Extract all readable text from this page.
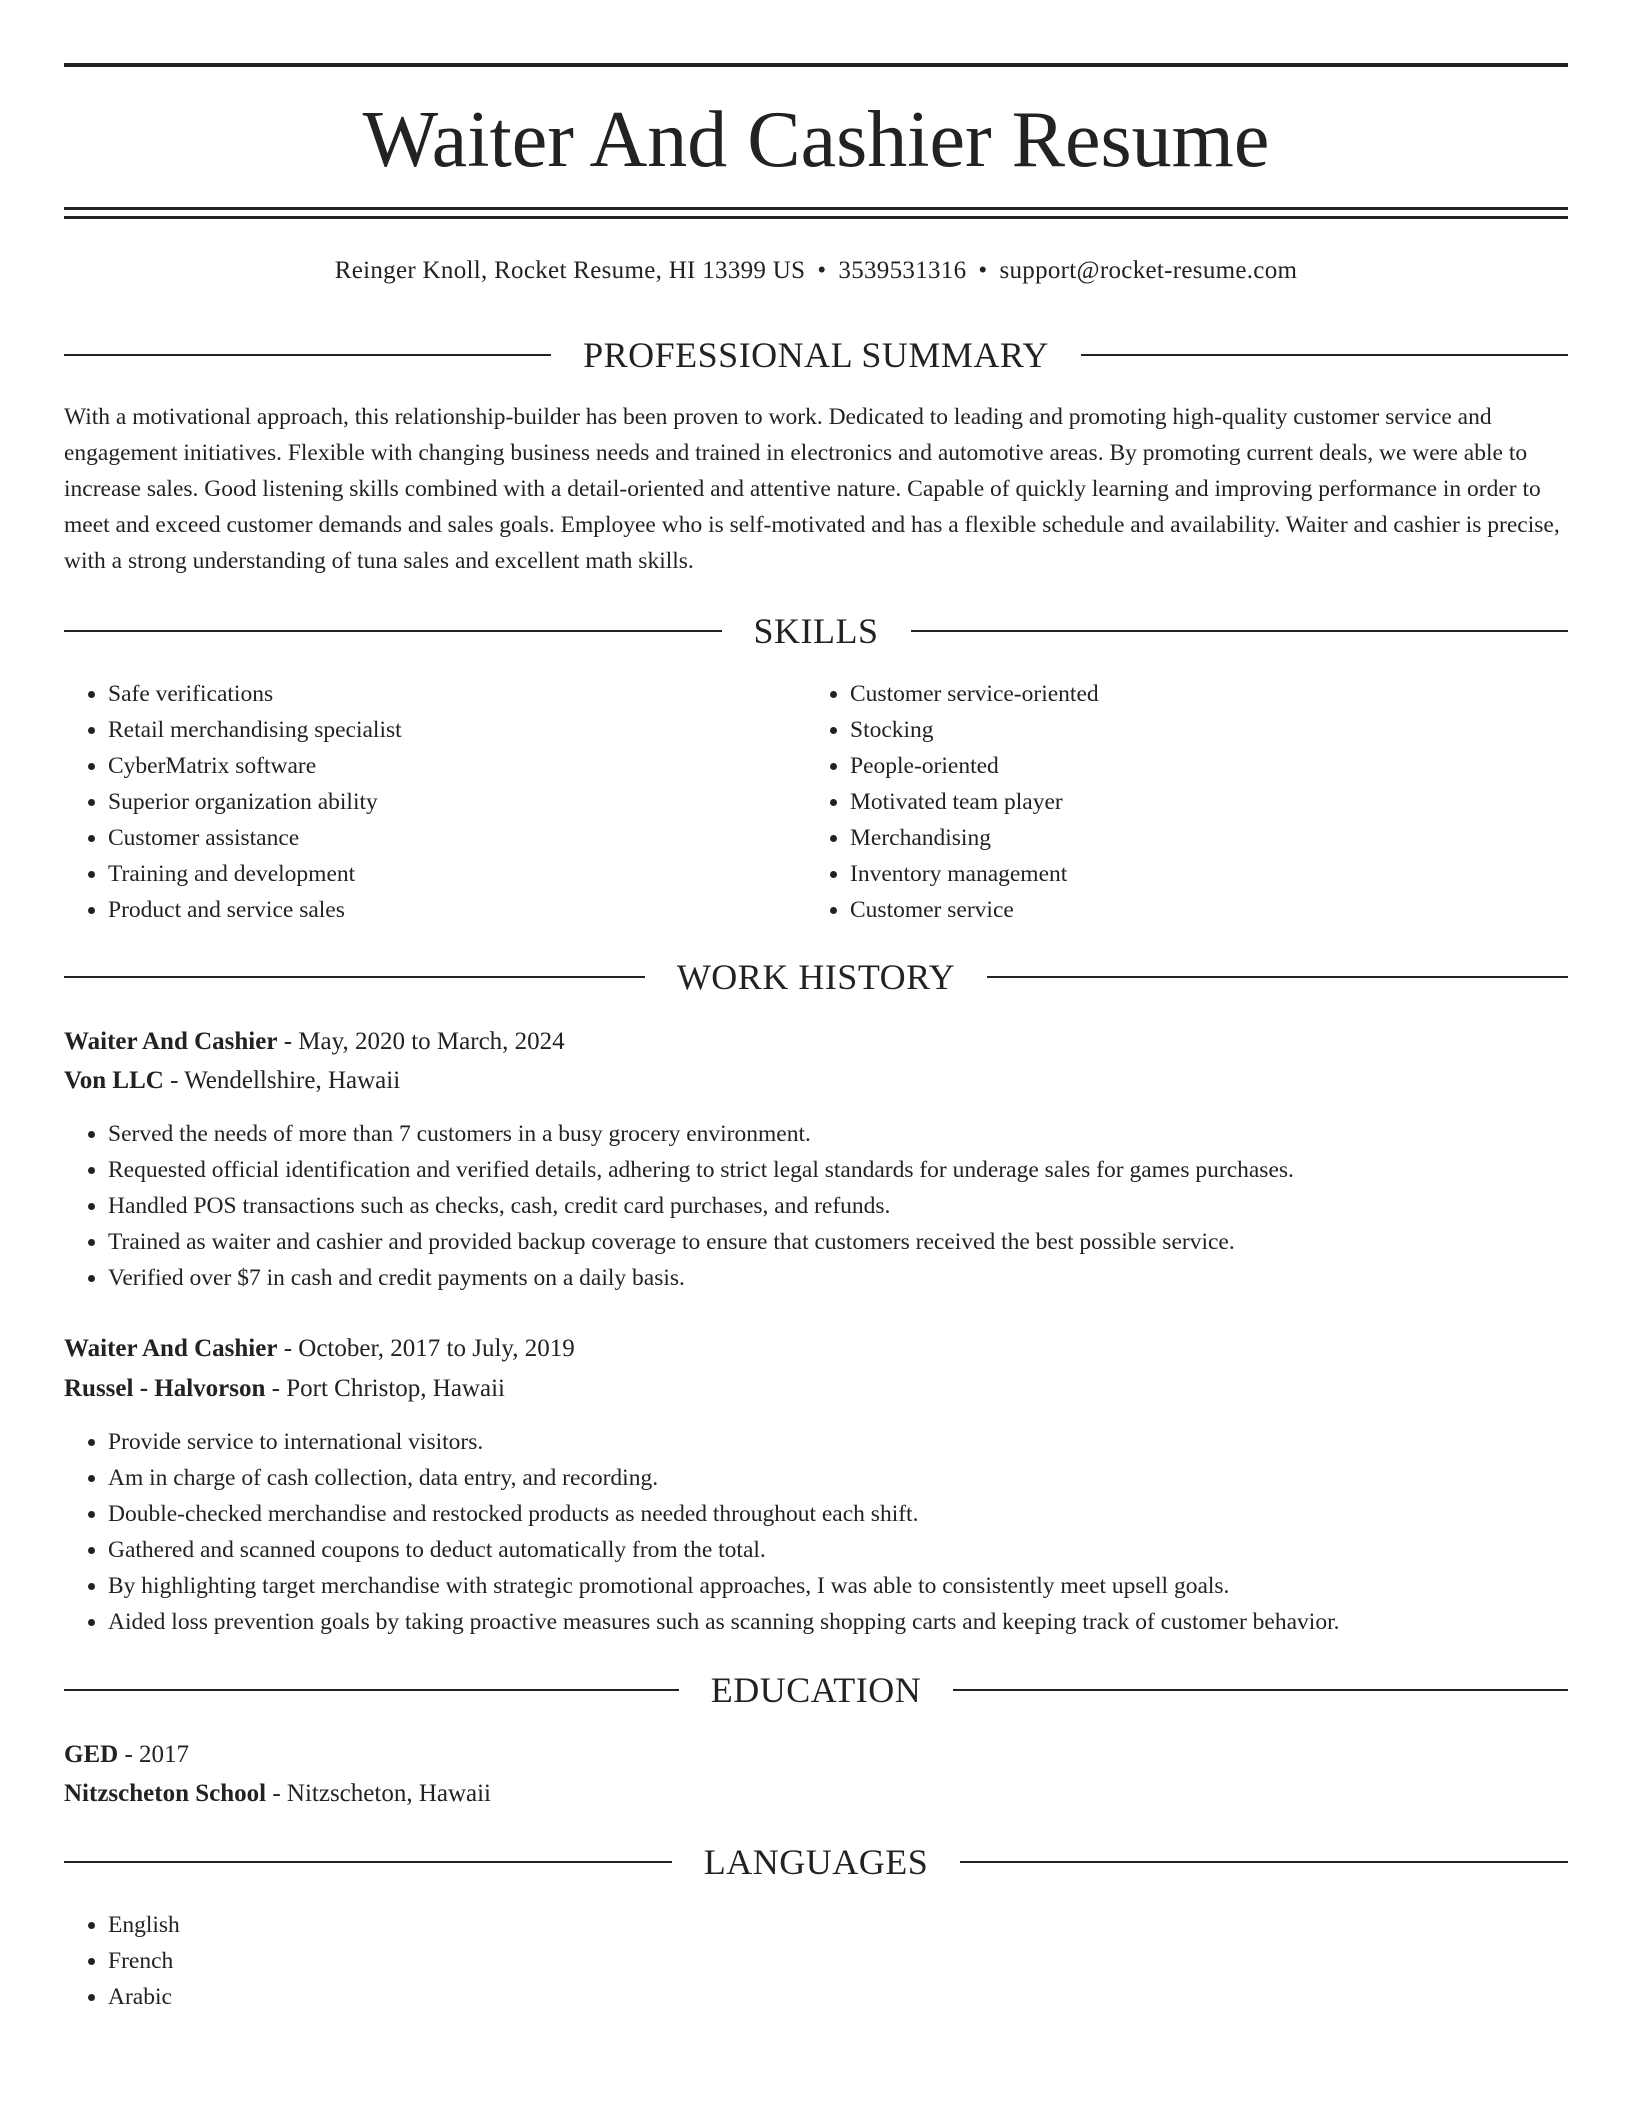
Waiter And Cashier Resume
Reinger Knoll, Rocket Resume, HI 13399 US • 3539531316 • support@rocket-resume.com
PROFESSIONAL SUMMARY

With a motivational approach, this relationship-builder has been proven to work. Dedicated to leading and promoting high-quality customer service and engagement initiatives. Flexible with changing business needs and trained in electronics and automotive areas. By promoting current deals, we were able to increase sales. Good listening skills combined with a detail-oriented and attentive nature. Capable of quickly learning and improving performance in order to meet and exceed customer demands and sales goals. Employee who is self-motivated and has a flexible schedule and availability. Waiter and cashier is precise, with a strong understanding of tuna sales and excellent math skills.

SKILLS
• Safe verifications
• Retail merchandising specialist
• CyberMatrix software
• Superior organization ability
• Customer assistance
• Training and development
• Product and service sales
• Customer service-oriented
• Stocking
• People-oriented
• Motivated team player
• Merchandising
• Inventory management
• Customer service
WORK HISTORY
Waiter And Cashier - May, 2020 to March, 2024
Von LLC - Wendellshire, Hawaii
• Served the needs of more than 7 customers in a busy grocery environment.
• Requested official identification and verified details, adhering to strict legal standards for underage sales for games purchases.
• Handled POS transactions such as checks, cash, credit card purchases, and refunds.
• Trained as waiter and cashier and provided backup coverage to ensure that customers received the best possible service.
• Verified over $7 in cash and credit payments on a daily basis.
Waiter And Cashier - October, 2017 to July, 2019
Russel - Halvorson - Port Christop, Hawaii
• Provide service to international visitors.
• Am in charge of cash collection, data entry, and recording.
• Double-checked merchandise and restocked products as needed throughout each shift.
• Gathered and scanned coupons to deduct automatically from the total.
• By highlighting target merchandise with strategic promotional approaches, I was able to consistently meet upsell goals.
• Aided loss prevention goals by taking proactive measures such as scanning shopping carts and keeping track of customer behavior.
EDUCATION
GED - 2017
Nitzscheton School - Nitzscheton, Hawaii
LANGUAGES
• English
• French
• Arabic
